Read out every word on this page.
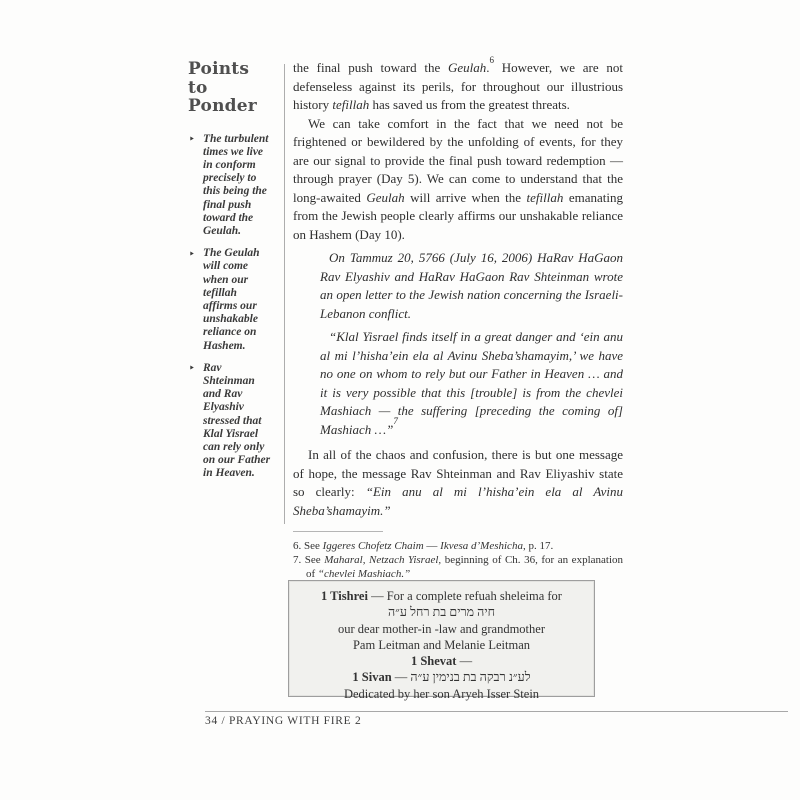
Points to Ponder
‣ The turbulent times we live in conform precisely to this being the final push toward the Geulah.
‣ The Geulah will come when our tefillah affirms our unshakable reliance on Hashem.
‣ Rav Shteinman and Rav Elyashiv stressed that Klal Yisrael can rely only on our Father in Heaven.

the final push toward the Geulah.$^6$ However, we are not defenseless against its perils, for throughout our illustrious history tefillah has saved us from the greatest threats.

We can take comfort in the fact that we need not be frightened or bewildered by the unfolding of events, for they are our signal to provide the final push toward redemption — through prayer (Day 5). We can come to understand that the long-awaited Geulah will arrive when the tefillah emanating from the Jewish people clearly affirms our unshakable reliance on Hashem (Day 10).

On Tammuz 20, 5766 (July 16, 2006) HaRav HaGaon Rav Elyashiv and HaRav HaGaon Rav Shteinman wrote an open letter to the Jewish nation concerning the Israeli-Lebanon conflict.

“Klal Yisrael finds itself in a great danger and ‘ein anu al mi l’hisha’ein ela al Avinu Sheba’shamayim,’ we have no one on whom to rely but our Father in Heaven … and it is very possible that this [trouble] is from the chevlei Mashiach — the suffering [preceding the coming of] Mashiach …”$^7$

In all of the chaos and confusion, there is but one message of hope, the message Rav Shteinman and Rav Eliyashiv state so clearly: “Ein anu al mi l’hisha’ein ela al Avinu Sheba’shamayim.”

6. See Iggeres Chofetz Chaim — Ikvesa d’Meshicha, p. 17.

7. See Maharal, Netzach Yisrael, beginning of Ch. 36, for an explanation of “chevlei Mashiach.”

1 Tishrei — For a complete refuah sheleima for

חיה מרים בת רחל ע״ה

our dear mother-in -law and grandmother

Pam Leitman and Melanie Leitman

1 Shevat —

1 Sivan — לע״נ רבקה בת בנימין ע״ה

Dedicated by her son Aryeh Isser Stein

34 / PRAYING WITH FIRE 2
